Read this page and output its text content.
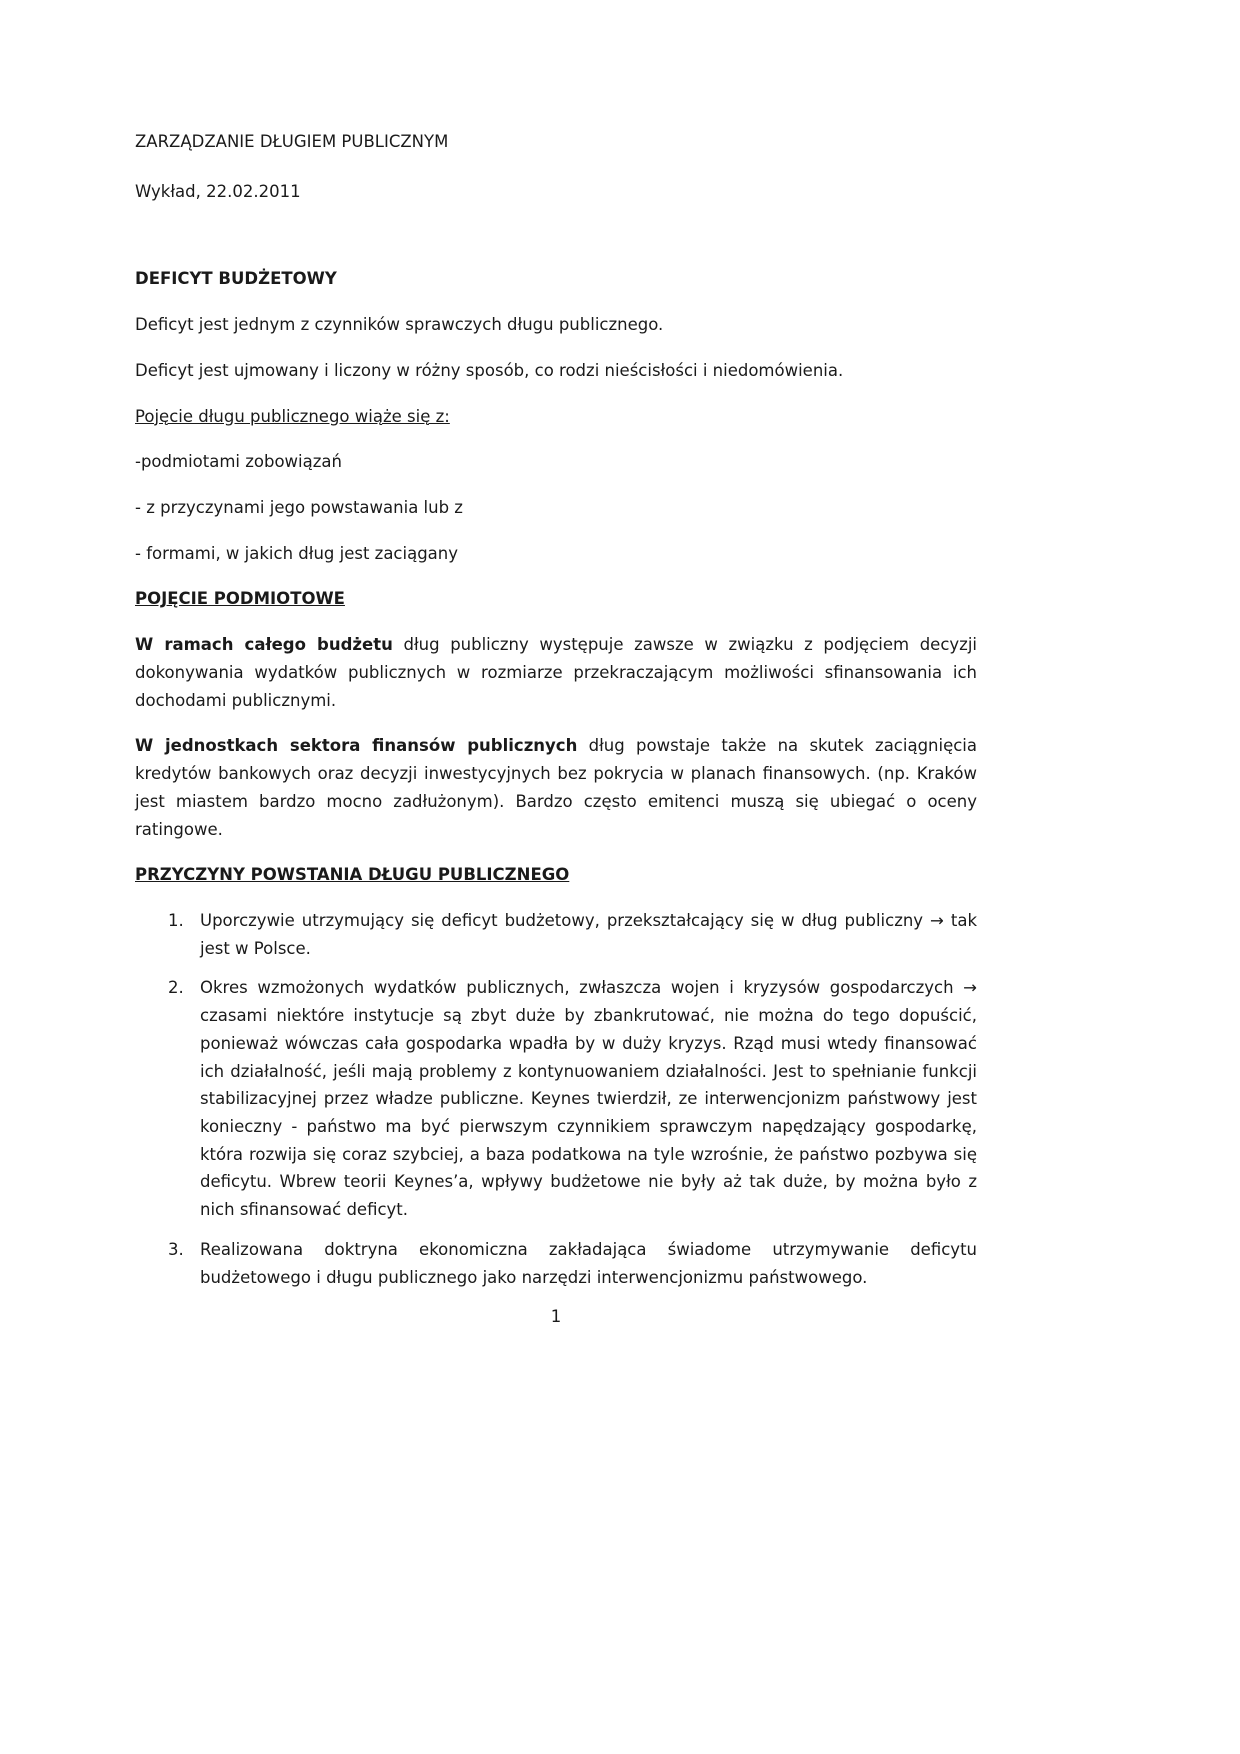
ZARZĄDZANIE DŁUGIEM PUBLICZNYM

Wykład, 22.02.2011

DEFICYT BUDŻETOWY

Deficyt jest jednym z czynników sprawczych długu publicznego.

Deficyt jest ujmowany i liczony w różny sposób, co rodzi nieścisłości i niedomówienia.

Pojęcie długu publicznego wiąże się z:

-podmiotami zobowiązań

- z przyczynami jego powstawania lub z

- formami, w jakich dług jest zaciągany

POJĘCIE PODMIOTOWE

W ramach całego budżetu dług publiczny występuje zawsze w związku z podjęciem decyzji dokonywania wydatków publicznych w rozmiarze przekraczającym możliwości sfinansowania ich dochodami publicznymi.

W jednostkach sektora finansów publicznych dług powstaje także na skutek zaciągnięcia kredytów bankowych oraz decyzji inwestycyjnych bez pokrycia w planach finansowych. (np. Kraków jest miastem bardzo mocno zadłużonym). Bardzo często emitenci muszą się ubiegać o oceny ratingowe.

PRZYCZYNY POWSTANIA DŁUGU PUBLICZNEGO

1. Uporczywie utrzymujący się deficyt budżetowy, przekształcający się w dług publiczny → tak jest w Polsce.
2. Okres wzmożonych wydatków publicznych, zwłaszcza wojen i kryzysów gospodarczych → czasami niektóre instytucje są zbyt duże by zbankrutować, nie można do tego dopuścić, ponieważ wówczas cała gospodarka wpadła by w duży kryzys. Rząd musi wtedy finansować ich działalność, jeśli mają problemy z kontynuowaniem działalności. Jest to spełnianie funkcji stabilizacyjnej przez władze publiczne. Keynes twierdził, ze interwencjonizm państwowy jest konieczny - państwo ma być pierwszym czynnikiem sprawczym napędzający gospodarkę, która rozwija się coraz szybciej, a baza podatkowa na tyle wzrośnie, że państwo pozbywa się deficytu. Wbrew teorii Keynes’a, wpływy budżetowe nie były aż tak duże, by można było z nich sfinansować deficyt.
3. Realizowana doktryna ekonomiczna zakładająca świadome utrzymywanie deficytu budżetowego i długu publicznego jako narzędzi interwencjonizmu państwowego.
1
